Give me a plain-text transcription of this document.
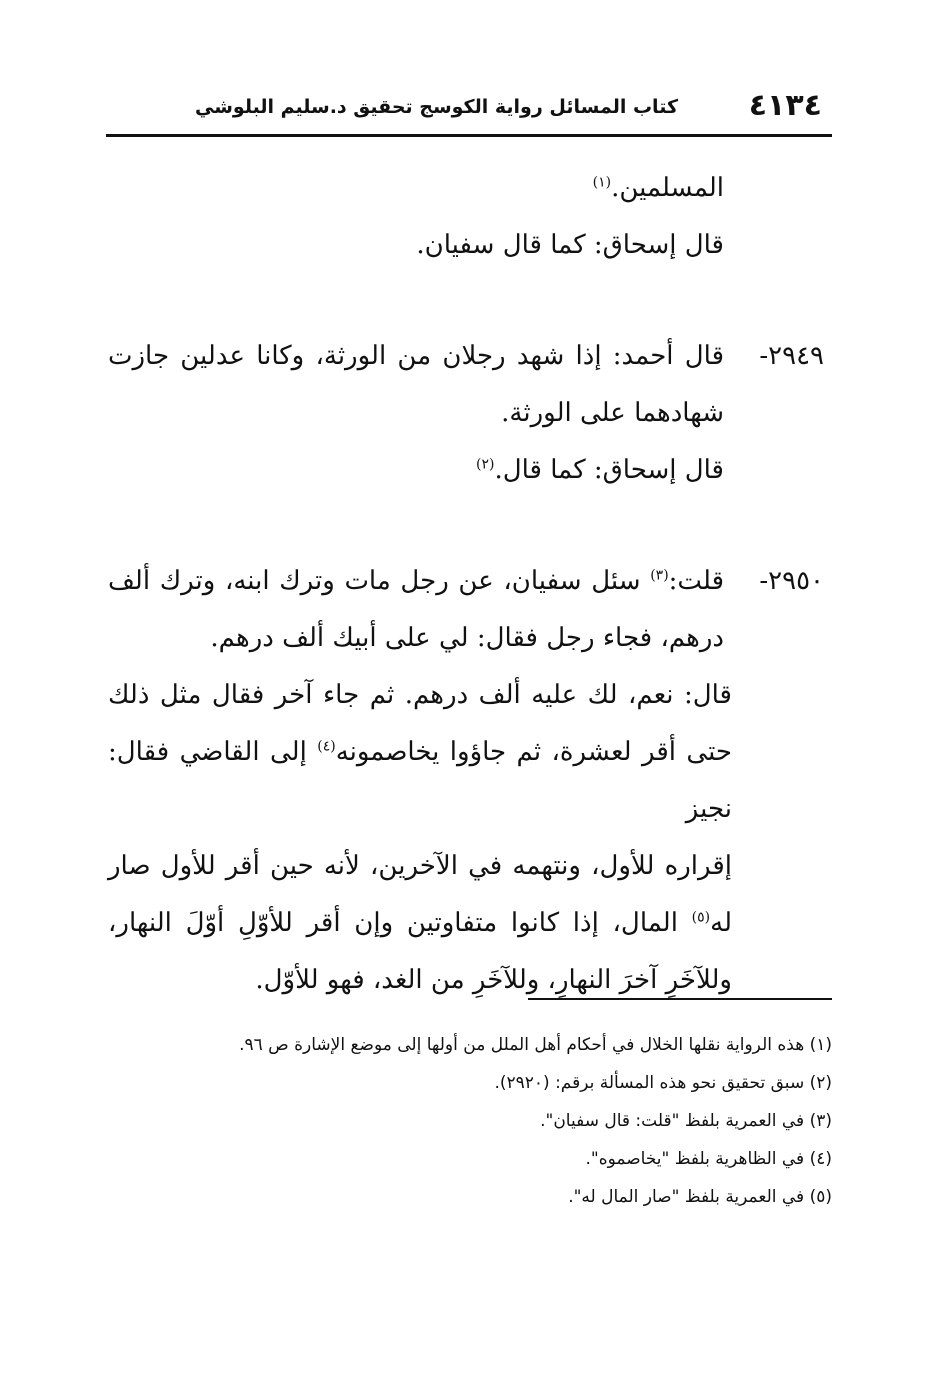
٤١٣٤
كتاب المسائل رواية الكوسج تحقيق د.سليم البلوشي

المسلمين.$^{(١)}$

قال إسحاق: كما قال سفيان.

٢٩٤٩-

قال أحمد: إذا شهد رجلان من الورثة، وكانا عدلين جازت

شهادهما على الورثة.

قال إسحاق: كما قال.$^{(٢)}$

٢٩٥٠-

قلت:$^{(٣)}$ سئل سفيان، عن رجل مات وترك ابنه، وترك ألف

درهم، فجاء رجل فقال: لي على أبيك ألف درهم.

قال: نعم، لك عليه ألف درهم. ثم جاء آخر فقال مثل ذلك

حتى أقر لعشرة، ثم جاؤوا يخاصمونه$^{(٤)}$ إلى القاضي فقال: نجيز

إقراره للأول، ونتهمه في الآخرين، لأنه حين أقر للأول صار

له$^{(٥)}$ المال، إذا كانوا متفاوتين وإن أقر للأوّلِ أوّلَ النهار،

وللآخَرِ آخرَ النهارِ، وللآخَرِ من الغد، فهو للأوّل.

(١) هذه الرواية نقلها الخلال في أحكام أهل الملل من أولها إلى موضع الإشارة ص ٩٦.

(٢) سبق تحقيق نحو هذه المسألة برقم: (٢٩٢٠).

(٣) في العمرية بلفظ "قلت: قال سفيان".

(٤) في الظاهرية بلفظ "يخاصموه".

(٥) في العمرية بلفظ "صار المال له".
